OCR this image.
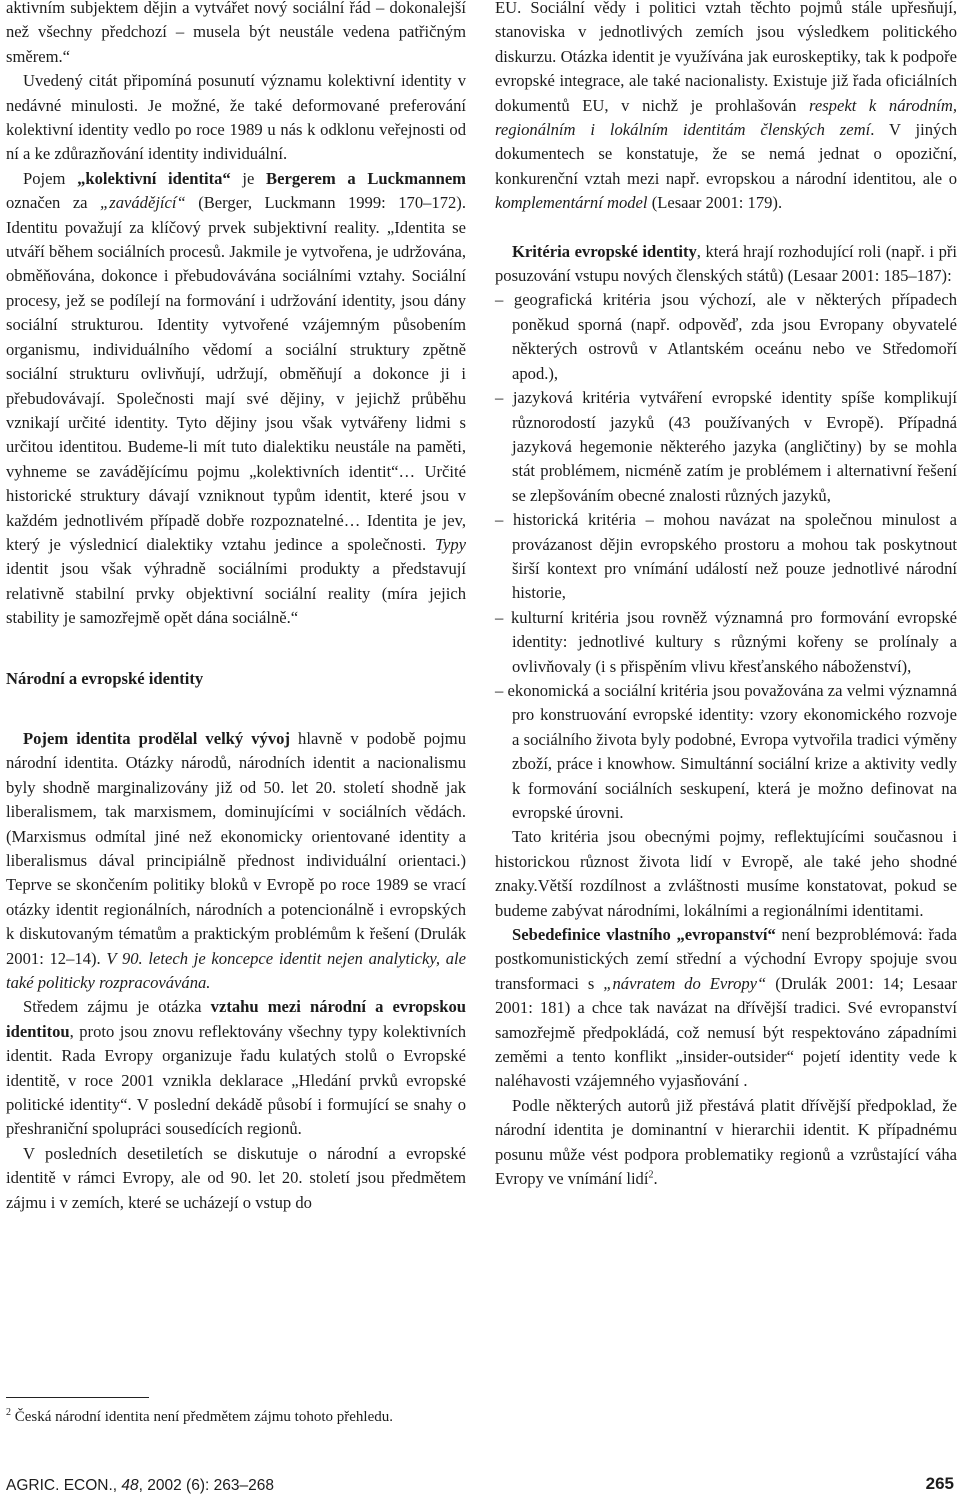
aktivním subjektem dějin a vytvářet nový sociální řád – dokonalejší než všechny předchozí – musela být neustále vedena patřičným směrem.“

Uvedený citát připomíná posunutí významu kolektivní identity v nedávné minulosti. Je možné, že také deformované preferování kolektivní identity vedlo po roce 1989 u nás k odklonu veřejnosti od ní a ke zdůrazňování identity individuální.

Pojem „kolektivní identita“ je Bergerem a Luckmannem označen za „zavádějící“ (Berger, Luckmann 1999: 170–172). Identitu považují za klíčový prvek subjektivní reality. „Identita se utváří během sociálních procesů. Jakmile je vytvořena, je udržována, obměňována, dokonce i přebudovávána sociálními vztahy. Sociální procesy, jež se podílejí na formování i udržování identity, jsou dány sociální strukturou. Identity vytvořené vzájemným působením organismu, individuálního vědomí a sociální struktury zpětně sociální strukturu ovlivňují, udržují, obměňují a dokonce ji i přebudovávají. Společnosti mají své dějiny, v jejichž průběhu vznikají určité identity. Tyto dějiny jsou však vytvářeny lidmi s určitou identitou. Budeme-li mít tuto dialektiku neustále na paměti, vyhneme se zavádějícímu pojmu „kolektivních identit“… Určité historické struktury dávají vzniknout typům identit, které jsou v každém jednotlivém případě dobře rozpoznatelné… Identita je jev, který je výslednicí dialektiky vztahu jedince a společnosti. Typy identit jsou však výhradně sociálními produkty a představují relativně stabilní prvky objektivní sociální reality (míra jejich stability je samozřejmě opět dána sociálně.“

Národní a evropské identity

Pojem identita prodělal velký vývoj hlavně v podobě pojmu národní identita. Otázky národů, národních identit a nacionalismu byly shodně marginalizovány již od 50. let 20. století shodně jak liberalismem, tak marxismem, dominujícími v sociálních vědách. (Marxismus odmítal jiné než ekonomicky orientované identity a liberalismus dával principiálně přednost individuální orientaci.) Teprve se skončením politiky bloků v Evropě po roce 1989 se vrací otázky identit regionálních, národních a potencionálně i evropských k diskutovaným tématům a praktickým problémům k řešení (Drulák 2001: 12–14). V 90. letech je koncepce identit nejen analyticky, ale také politicky rozpracovávána.

Středem zájmu je otázka vztahu mezi národní a evropskou identitou, proto jsou znovu reflektovány všechny typy kolektivních identit. Rada Evropy organizuje řadu kulatých stolů o Evropské identitě, v roce 2001 vznikla deklarace „Hledání prvků evropské politické identity“. V poslední dekádě působí i formující se snahy o přeshraniční spolupráci sousedících regionů.

V posledních desetiletích se diskutuje o národní a evropské identitě v rámci Evropy, ale od 90. let 20. století jsou předmětem zájmu i v zemích, které se ucházejí o vstup do

EU. Sociální vědy i politici vztah těchto pojmů stále upřesňují, stanoviska v jednotlivých zemích jsou výsledkem politického diskurzu. Otázka identit je využívána jak euroskeptiky, tak k podpoře evropské integrace, ale také nacionalisty. Existuje již řada oficiálních dokumentů EU, v nichž je prohlašován respekt k národním, regionálním i lokálním identitám členských zemí. V jiných dokumentech se konstatuje, že se nemá jednat o opoziční, konkurenční vztah mezi např. evropskou a národní identitou, ale o komplementární model (Lesaar 2001: 179).

Kritéria evropské identity, která hrají rozhodující roli (např. i při posuzování vstupu nových členských států) (Lesaar 2001: 185–187):

– geografická kritéria jsou výchozí, ale v některých případech poněkud sporná (např. odpověď, zda jsou Evropany obyvatelé některých ostrovů v Atlantském oceánu nebo ve Středomoří apod.),
– jazyková kritéria vytváření evropské identity spíše komplikují různorodostí jazyků (43 používaných v Evropě). Případná jazyková hegemonie některého jazyka (angličtiny) by se mohla stát problémem, nicméně zatím je problémem i alternativní řešení se zlepšováním obecné znalosti různých jazyků,
– historická kritéria – mohou navázat na společnou minulost a provázanost dějin evropského prostoru a mohou tak poskytnout širší kontext pro vnímání událostí než pouze jednotlivé národní historie,
– kulturní kritéria jsou rovněž významná pro formování evropské identity: jednotlivé kultury s různými kořeny se prolínaly a ovlivňovaly (i s přispěním vlivu křesťanského náboženství),
– ekonomická a sociální kritéria jsou považována za velmi významná pro konstruování evropské identity: vzory ekonomického rozvoje a sociálního života byly podobné, Evropa vytvořila tradici výměny zboží, práce i knowhow. Simultánní sociální krize a aktivity vedly k formování sociálních seskupení, která je možno definovat na evropské úrovni.

Tato kritéria jsou obecnými pojmy, reflektujícími současnou i historickou různost života lidí v Evropě, ale také jeho shodné znaky.Větší rozdílnost a zvláštnosti musíme konstatovat, pokud se budeme zabývat národními, lokálními a regionálními identitami.

Sebedefinice vlastního „evropanství“ není bezproblémová: řada postkomunistických zemí střední a východní Evropy spojuje svou transformaci s „návratem do Evropy“ (Drulák 2001: 14; Lesaar 2001: 181) a chce tak navázat na dřívější tradici. Své evropanství samozřejmě předpokládá, což nemusí být respektováno západními zeměmi a tento konflikt „insider-outsider“ pojetí identity vede k naléhavosti vzájemného vyjasňování .

Podle některých autorů již přestává platit dřívější předpoklad, že národní identita je dominantní v hierarchii identit. K případnému posunu může vést podpora problematiky regionů a vzrůstající váha Evropy ve vnímání lidí$^2$.

$^2$ Česká národní identita není předmětem zájmu tohoto přehledu.
AGRIC. ECON., 48, 2002 (6): 263–268	265
